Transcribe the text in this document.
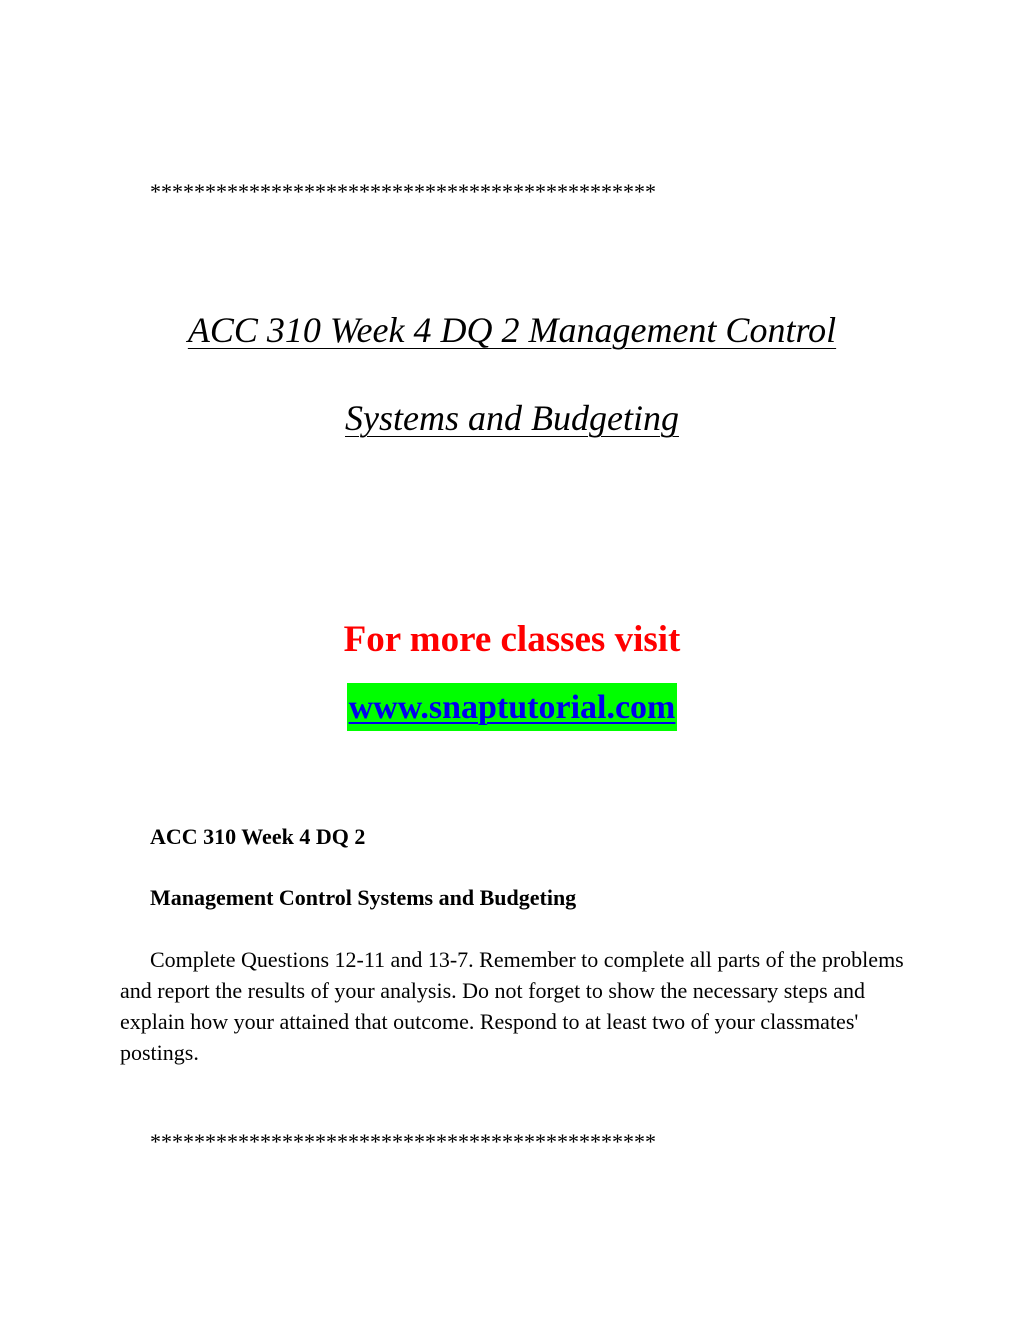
**********************************************
ACC 310 Week 4 DQ 2 Management Control
Systems and Budgeting
For more classes visit
www.snaptutorial.com
ACC 310 Week 4 DQ 2
Management Control Systems and Budgeting
Complete Questions 12-11 and 13-7. Remember to complete all parts of the problems and report the results of your analysis. Do not forget to show the necessary steps and explain how your attained that outcome. Respond to at least two of your classmates' postings.
**********************************************
